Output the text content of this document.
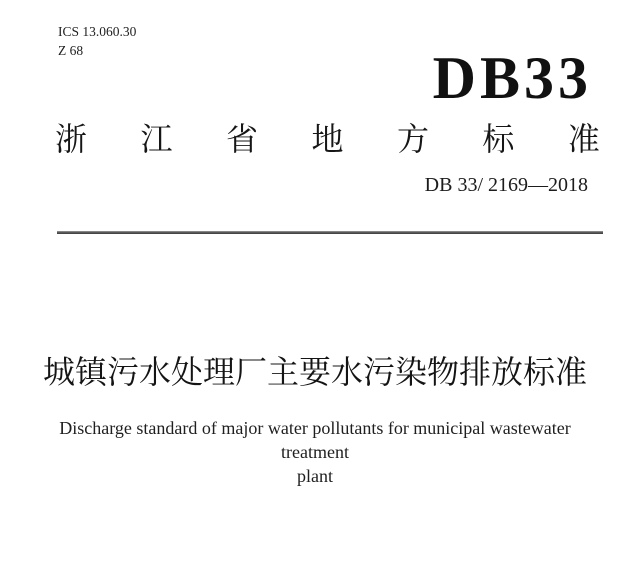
ICS 13.060.30
Z 68	DB33
浙 江 省 地 方 标 准
DB 33/ 2169—2018
城镇污水处理厂主要水污染物排放标准
Discharge standard of major water pollutants for municipal wastewater treatment
plant
